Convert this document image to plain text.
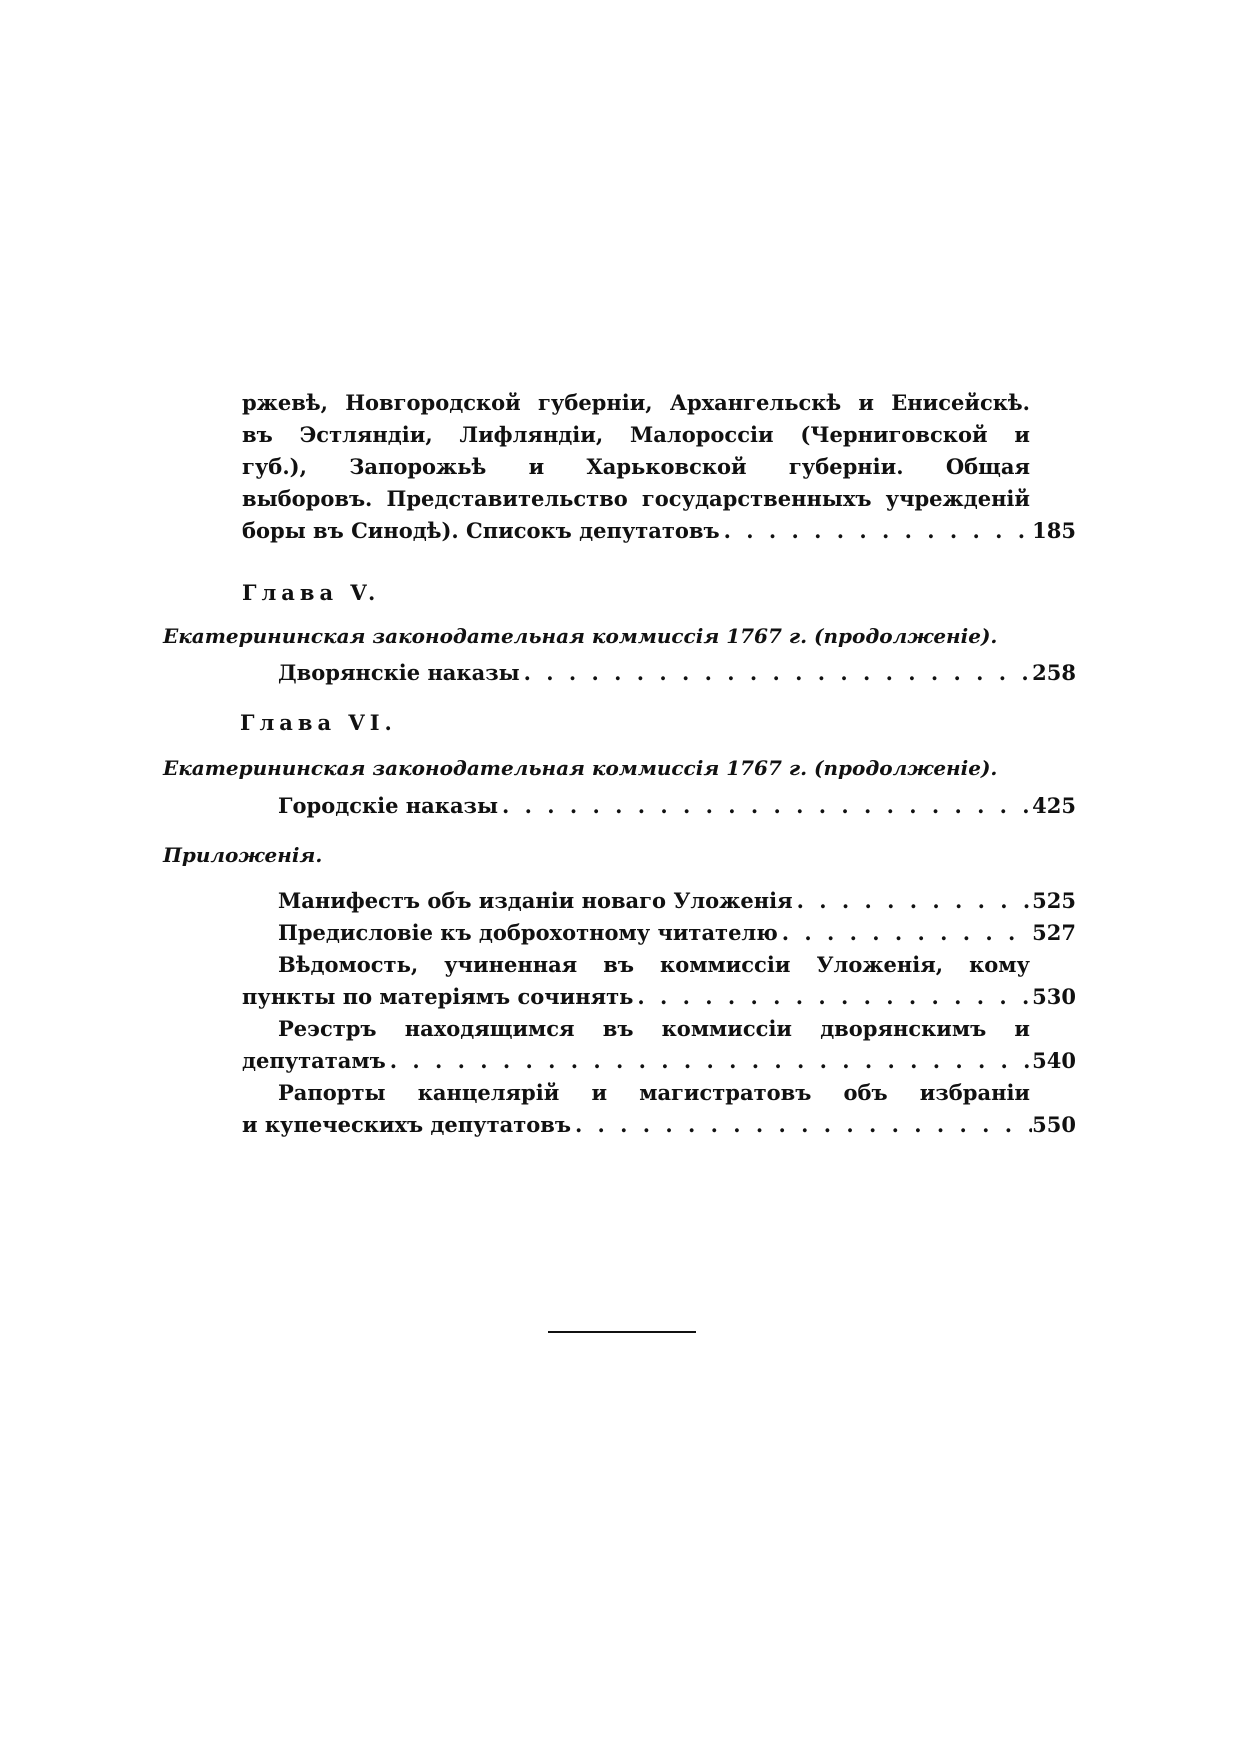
ржевѣ, Новгородской губерніи, Архангельскѣ и Енисейскѣ.
въ Эстляндіи, Лифляндіи, Малороссіи (Черниговской и
губ.), Запорожьѣ и Харьковской губерніи. Общая
выборовъ. Представительство государственныхъ учрежденій
боры въ Синодѣ). Списокъ депутатовъ . . .	185
Глава V.
Екатерининская законодательная коммиссія 1767 г. (продолженіе).
Дворянскіе наказы . . .	258
Глава VI.
Екатерининская законодательная коммиссія 1767 г. (продолженіе).
Городскіе наказы . . .	425
Приложенія.
Манифестъ объ изданіи новаго Уложенія . . .	525
Предисловіе къ доброхотному читателю . . .	527
Вѣдомость, учиненная въ коммиссіи Уложенія, кому
пункты по матеріямъ сочинять . . .	530
Реэстръ находящимся въ коммиссіи дворянскимъ и
депутатамъ . . .	540
Рапорты канцелярій и магистратовъ объ избраніи
и купеческихъ депутатовъ . . .	550
